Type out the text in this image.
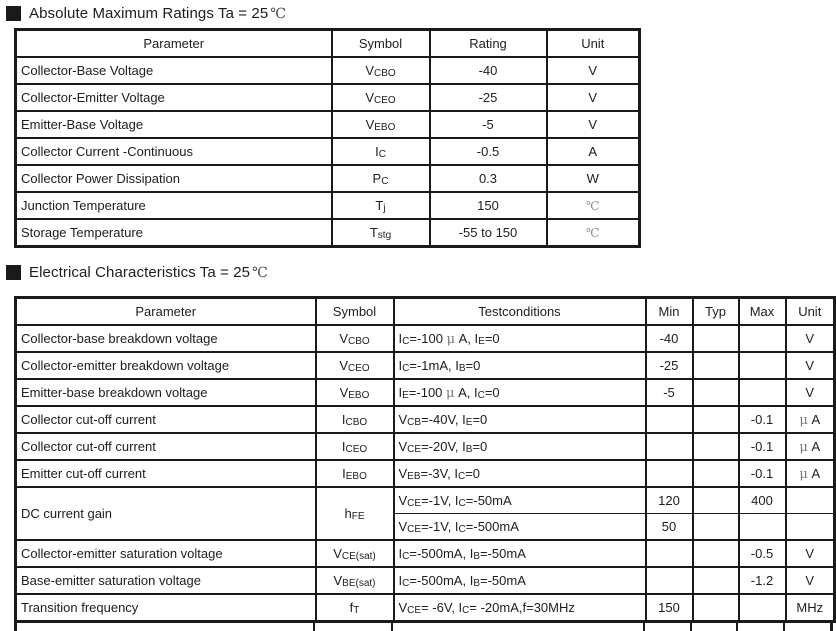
Absolute Maximum Ratings Ta = 25 ℃
Parameter	Symbol	Rating	Unit
Collector-Base Voltage	VCBO	-40	V
Collector-Emitter Voltage	VCEO	-25	V
Emitter-Base Voltage	VEBO	-5	V
Collector Current -Continuous	IC	-0.5	A
Collector Power Dissipation	PC	0.3	W
Junction Temperature	Tj	150	℃
Storage Temperature	Tstg	-55 to 150	℃
Electrical Characteristics Ta = 25 ℃
Parameter	Symbol	Testconditions	Min	Typ	Max	Unit
Collector-base breakdown voltage	VCBO	IC=-100 μ A, IE=0	-40			V
Collector-emitter breakdown voltage	VCEO	IC=-1mA, IB=0	-25			V
Emitter-base breakdown voltage	VEBO	IE=-100 μ A, IC=0	-5			V
Collector cut-off current	ICBO	VCB=-40V, IE=0			-0.1	μ A
Collector cut-off current	ICEO	VCE=-20V, IB=0			-0.1	μ A
Emitter cut-off current	IEBO	VEB=-3V, IC=0			-0.1	μ A
DC current gain	hFE	VCE=-1V, IC=-50mA	120		400	
		VCE=-1V, IC=-500mA	50			
Collector-emitter saturation voltage	VCE(sat)	IC=-500mA, IB=-50mA			-0.5	V
Base-emitter saturation voltage	VBE(sat)	IC=-500mA, IB=-50mA			-1.2	V
Transition frequency	fT	VCE= -6V, IC= -20mA,f=30MHz	150			MHz
